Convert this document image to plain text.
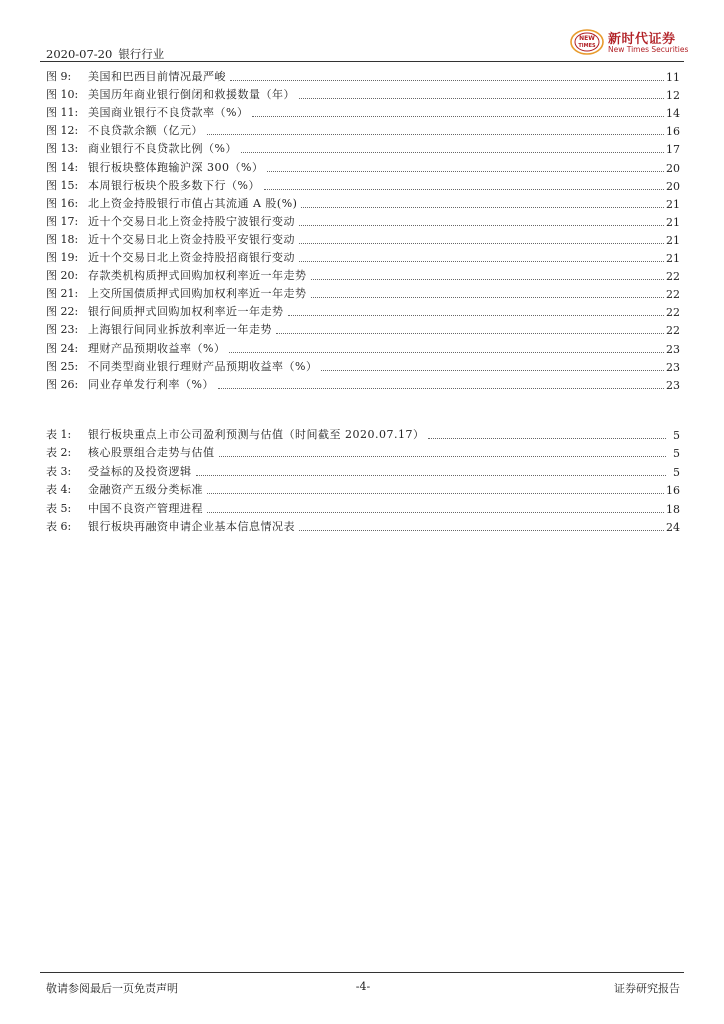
2020-07-20 银行行业
NEW
TIMES 新时代证券
New Times Securities
图 9:	美国和巴西目前情况最严峻	11
图 10: 美国历年商业银行倒闭和救援数量（年）	12
图 11: 美国商业银行不良贷款率（%）	14
图 12: 不良贷款余额（亿元）	16
图 13: 商业银行不良贷款比例（%）	17
图 14: 银行板块整体跑输沪深 300（%）	20
图 15: 本周银行板块个股多数下行（%）	20
图 16: 北上资金持股银行市值占其流通 A 股(%)	21
图 17: 近十个交易日北上资金持股宁波银行变动	21
图 18: 近十个交易日北上资金持股平安银行变动	21
图 19: 近十个交易日北上资金持股招商银行变动	21
图 20: 存款类机构质押式回购加权利率近一年走势	22
图 21: 上交所国债质押式回购加权利率近一年走势	22
图 22: 银行间质押式回购加权利率近一年走势	22
图 23: 上海银行间同业拆放利率近一年走势	22
图 24: 理财产品预期收益率（%）	23
图 25: 不同类型商业银行理财产品预期收益率（%）	23
图 26: 同业存单发行利率（%）	23
表 1:	银行板块重点上市公司盈利预测与估值（时间截至 2020.07.17）	5
表 2:	核心股票组合走势与估值	5
表 3:	受益标的及投资逻辑	5
表 4:	金融资产五级分类标准	16
表 5:	中国不良资产管理进程	18
表 6:	银行板块再融资申请企业基本信息情况表	24
敬请参阅最后一页免责声明	-4-	证券研究报告
